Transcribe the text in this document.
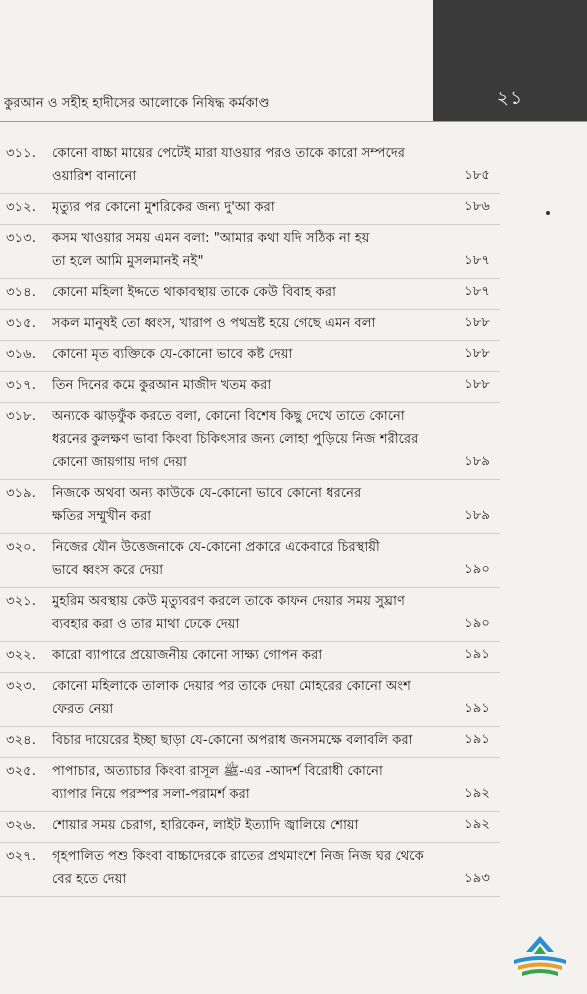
২১
কুরআন ও সহীহ হাদীসের আলোকে নিষিদ্ধ কর্মকাণ্ড
৩১১. কোনো বাচ্চা মায়ের পেটেই মারা যাওয়ার পরও তাকে কারো সম্পদের
ওয়ারিশ বানানো	১৮৫
৩১২. মৃত্যুর পর কোনো মুশরিকের জন্য দু'আ করা	১৮৬
৩১৩. কসম খাওয়ার সময় এমন বলা: "আমার কথা যদি সঠিক না হয়
তা হলে আমি মুসলমানই নই"	১৮৭
৩১৪. কোনো মহিলা ইদ্দতে থাকাবস্থায় তাকে কেউ বিবাহ করা	১৮৭
৩১৫. সকল মানুষই তো ধ্বংস, খারাপ ও পথভ্রষ্ট হয়ে গেছে এমন বলা	১৮৮
৩১৬. কোনো মৃত ব্যক্তিকে যে-কোনো ভাবে কষ্ট দেয়া	১৮৮
৩১৭. তিন দিনের কমে কুরআন মাজীদ খতম করা	১৮৮
৩১৮. অন্যকে ঝাড়ফুঁক করতে বলা, কোনো বিশেষ কিছু দেখে তাতে কোনো
ধরনের কুলক্ষণ ভাবা কিংবা চিকিৎসার জন্য লোহা পুড়িয়ে নিজ শরীরের
কোনো জায়গায় দাগ দেয়া	১৮৯
৩১৯. নিজকে অথবা অন্য কাউকে যে-কোনো ভাবে কোনো ধরনের
ক্ষতির সম্মুখীন করা	১৮৯
৩২০. নিজের যৌন উত্তেজনাকে যে-কোনো প্রকারে একেবারে চিরস্থায়ী
ভাবে ধ্বংস করে দেয়া	১৯০
৩২১. মুহরিম অবস্থায় কেউ মৃত্যুবরণ করলে তাকে কাফন দেয়ার সময় সুঘ্রাণ
ব্যবহার করা ও তার মাথা ঢেকে দেয়া	১৯০
৩২২. কারো ব্যাপারে প্রয়োজনীয় কোনো সাক্ষ্য গোপন করা	১৯১
৩২৩. কোনো মহিলাকে তালাক দেয়ার পর তাকে দেয়া মোহরের কোনো অংশ
ফেরত নেয়া	১৯১
৩২৪. বিচার দায়েরের ইচ্ছা ছাড়া যে-কোনো অপরাধ জনসমক্ষে বলাবলি করা	১৯১
৩২৫. পাপাচার, অত্যাচার কিংবা রাসূল ﷺ-এর -আদর্শ বিরোধী কোনো
ব্যাপার নিয়ে পরস্পর সলা-পরামর্শ করা	১৯২
৩২৬. শোয়ার সময় চেরাগ, হারিকেন, লাইট ইত্যাদি জ্বালিয়ে শোয়া	১৯২
৩২৭. গৃহপালিত পশু কিংবা বাচ্চাদেরকে রাতের প্রথমাংশে নিজ নিজ ঘর থেকে
বের হতে দেয়া	১৯৩
